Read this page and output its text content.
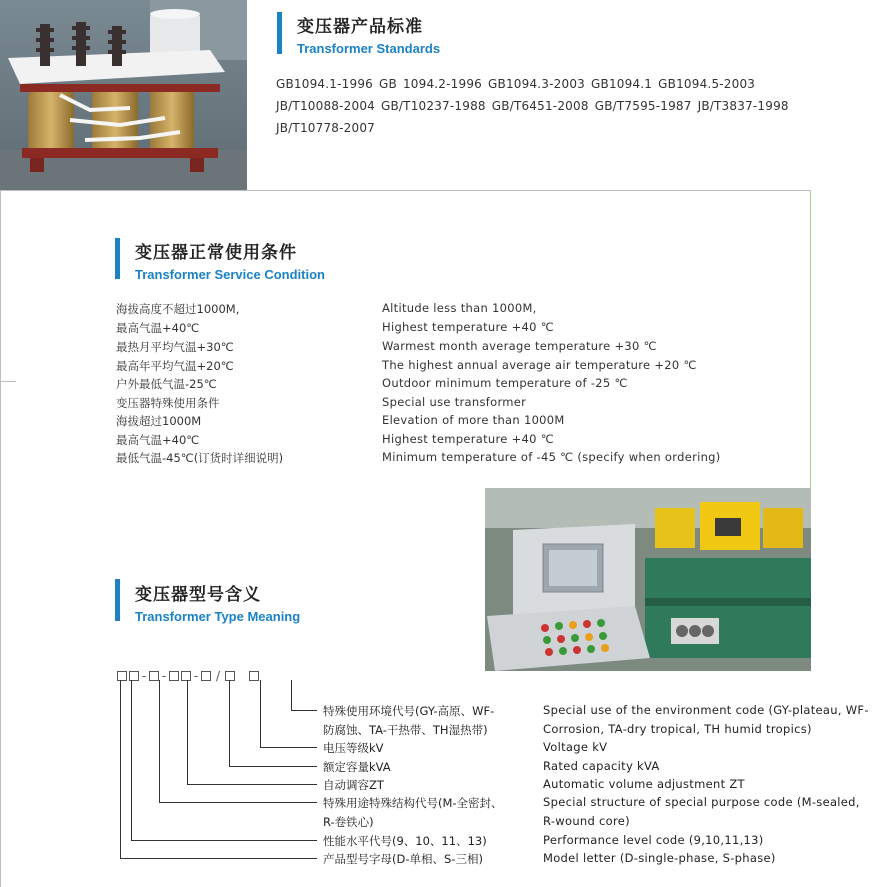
变压器产品标准
Transformer Standards
GB1094.1-1996 GB 1094.2-1996 GB1094.3-2003 GB1094.1 GB1094.5-2003
JB/T10088-2004 GB/T10237-1988 GB/T6451-2008 GB/T7595-1987 JB/T3837-1998
JB/T10778-2007
变压器正常使用条件
Transformer Service Condition
海拔高度不超过1000M,	Altitude less than 1000M,
最高气温+40℃	Highest temperature +40 ℃
最热月平均气温+30℃	Warmest month average temperature +30 ℃
最高年平均气温+20℃	The highest annual average air temperature +20 ℃
户外最低气温-25℃	Outdoor minimum temperature of -25 ℃
变压器特殊使用条件	Special use transformer
海拔超过1000M	Elevation of more than 1000M
最高气温+40℃	Highest temperature +40 ℃
最低气温-45℃(订货时详细说明)	Minimum temperature of -45 ℃ (specify when ordering)
变压器型号含义
Transformer Type Meaning
- - - /
特殊使用环境代号(GY-高原、WF-	Special use of the environment code (GY-plateau, WF-
防腐蚀、TA-干热带、TH湿热带)	Corrosion, TA-dry tropical, TH humid tropics)
电压等级kV	Voltage kV
额定容量kVA	Rated capacity kVA
自动调容ZT	Automatic volume adjustment ZT
特殊用途特殊结构代号(M-全密封、	Special structure of special purpose code (M-sealed,
R-卷铁心)	R-wound core)
性能水平代号(9、10、11、13)	Performance level code (9,10,11,13)
产品型号字母(D-单相、S-三相)	Model letter (D-single-phase, S-phase)
